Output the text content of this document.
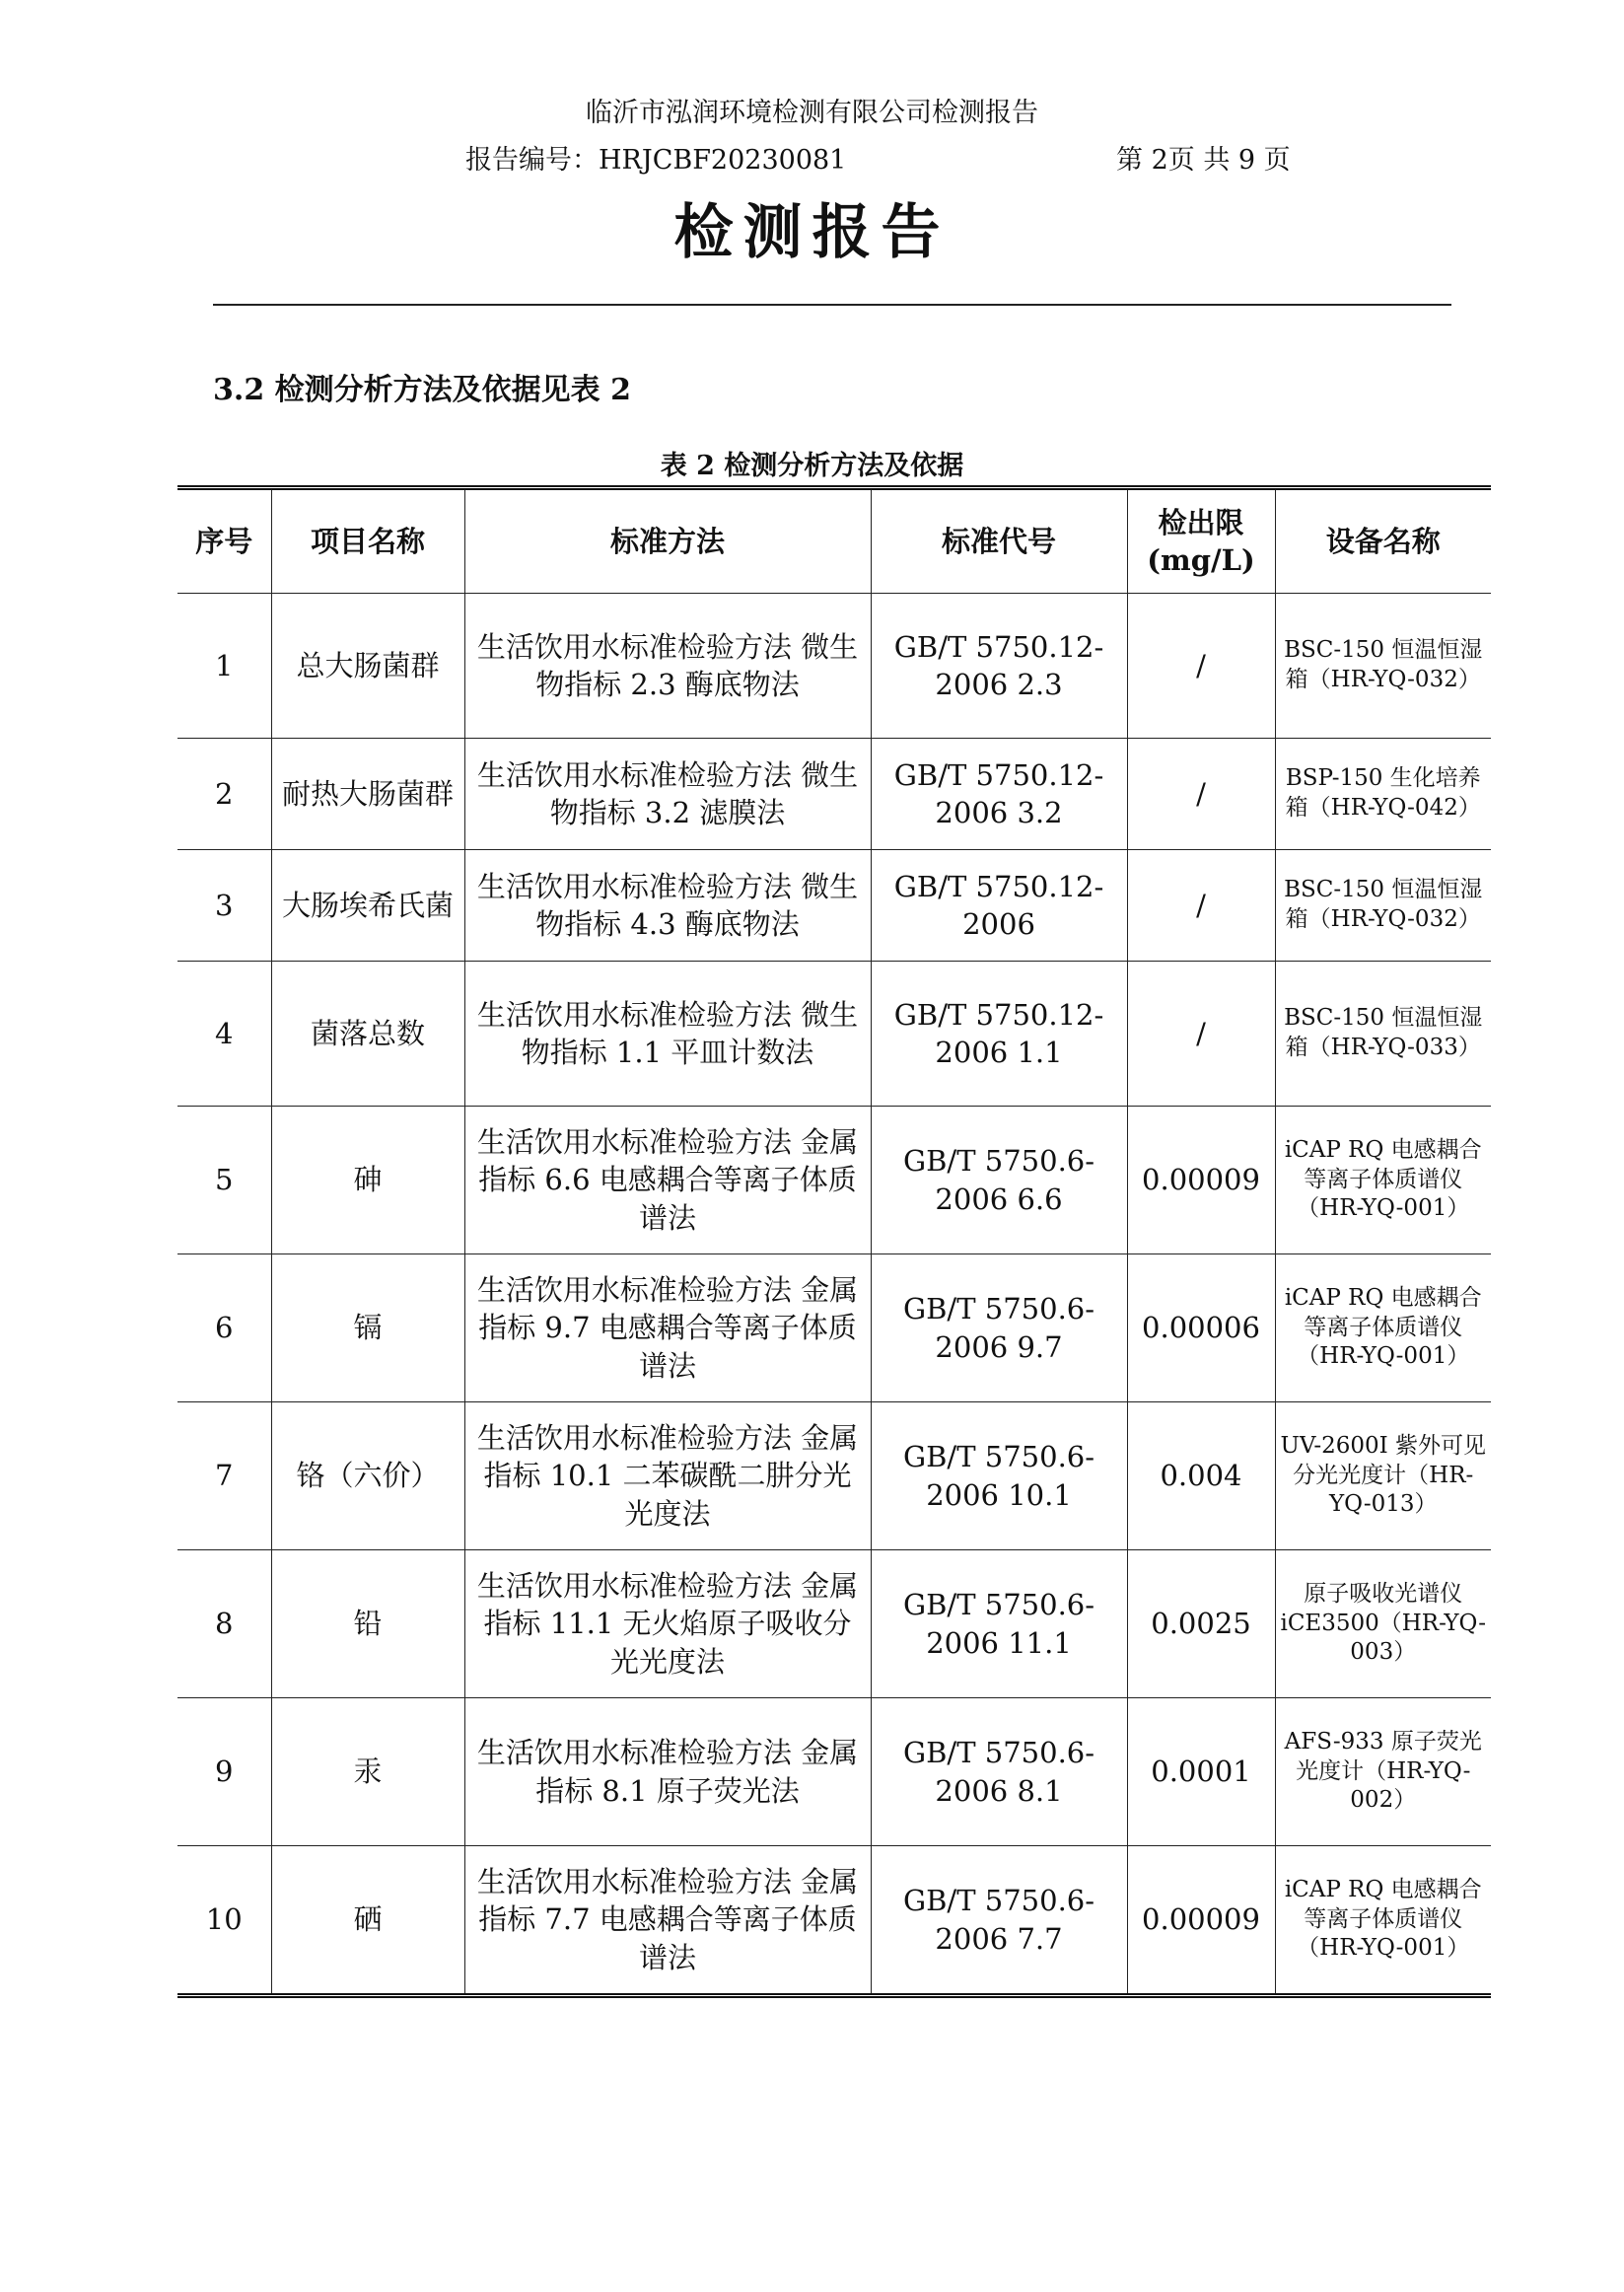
临沂市泓润环境检测有限公司检测报告
报告编号：HRJCBF20230081	第 2页 共 9 页
检测报告
3.2 检测分析方法及依据见表 2
表 2 检测分析方法及依据
序号	项目名称	标准方法	标准代号	检出限 (mg/L)	设备名称
1	总大肠菌群	生活饮用水标准检验方法 微生物指标 2.3 酶底物法	GB/T 5750.12-2006 2.3	/	BSC-150 恒温恒湿箱（HR-YQ-032）
2	耐热大肠菌群	生活饮用水标准检验方法 微生物指标 3.2 滤膜法	GB/T 5750.12-2006 3.2	/	BSP-150 生化培养箱（HR-YQ-042）
3	大肠埃希氏菌	生活饮用水标准检验方法 微生物指标 4.3 酶底物法	GB/T 5750.12-2006	/	BSC-150 恒温恒湿箱（HR-YQ-032）
4	菌落总数	生活饮用水标准检验方法 微生物指标 1.1 平皿计数法	GB/T 5750.12-2006 1.1	/	BSC-150 恒温恒湿箱（HR-YQ-033）
5	砷	生活饮用水标准检验方法 金属指标 6.6 电感耦合等离子体质谱法	GB/T 5750.6-2006 6.6	0.00009	iCAP RQ 电感耦合等离子体质谱仪（HR-YQ-001）
6	镉	生活饮用水标准检验方法 金属指标 9.7 电感耦合等离子体质谱法	GB/T 5750.6-2006 9.7	0.00006	iCAP RQ 电感耦合等离子体质谱仪（HR-YQ-001）
7	铬（六价）	生活饮用水标准检验方法 金属指标 10.1 二苯碳酰二肼分光光度法	GB/T 5750.6-2006 10.1	0.004	UV-2600I 紫外可见分光光度计（HR-YQ-013）
8	铅	生活饮用水标准检验方法 金属指标 11.1 无火焰原子吸收分光光度法	GB/T 5750.6-2006 11.1	0.0025	原子吸收光谱仪 iCE3500（HR-YQ-003）
9	汞	生活饮用水标准检验方法 金属指标 8.1 原子荧光法	GB/T 5750.6-2006 8.1	0.0001	AFS-933 原子荧光光度计（HR-YQ-002）
10	硒	生活饮用水标准检验方法 金属指标 7.7 电感耦合等离子体质谱法	GB/T 5750.6-2006 7.7	0.00009	iCAP RQ 电感耦合等离子体质谱仪（HR-YQ-001）
